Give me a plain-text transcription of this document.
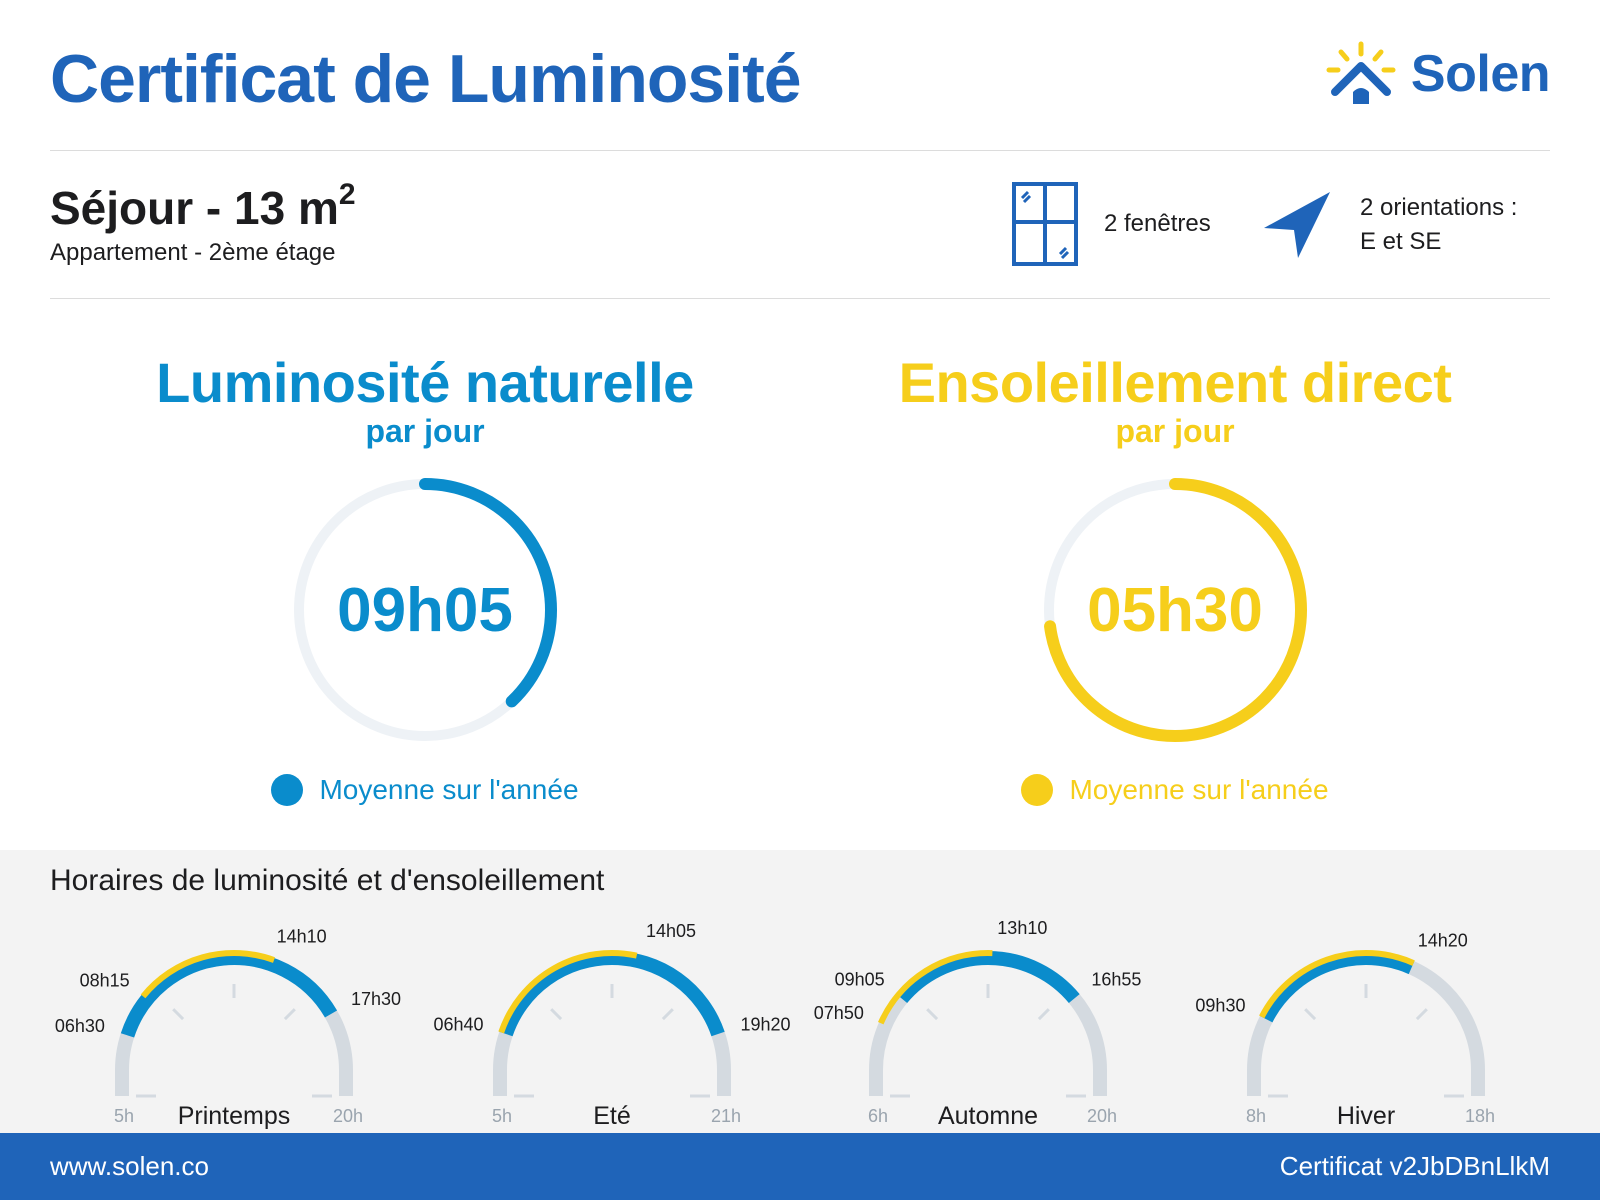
Certificat de Luminosité	Solen
Séjour - 13 $m^2$
Appartement - 2ème étage
2 fenêtres
2 orientations :
E et SE
Luminosité naturelle
par jour
09h05
Moyenne sur l'année
Ensoleillement direct
par jour
05h30
Moyenne sur l'année
Horaires de luminosité et d'ensoleillement
5h	20h
Printemps
06h30
08h15
14h10
17h30
5h	21h
Eté
06h40
14h05
19h20
6h	20h
Automne
09h05
07h50
13h10
16h55
8h	18h
Hiver
09h30
14h20
www.solen.co	Certificat v2JbDBnLlkM
